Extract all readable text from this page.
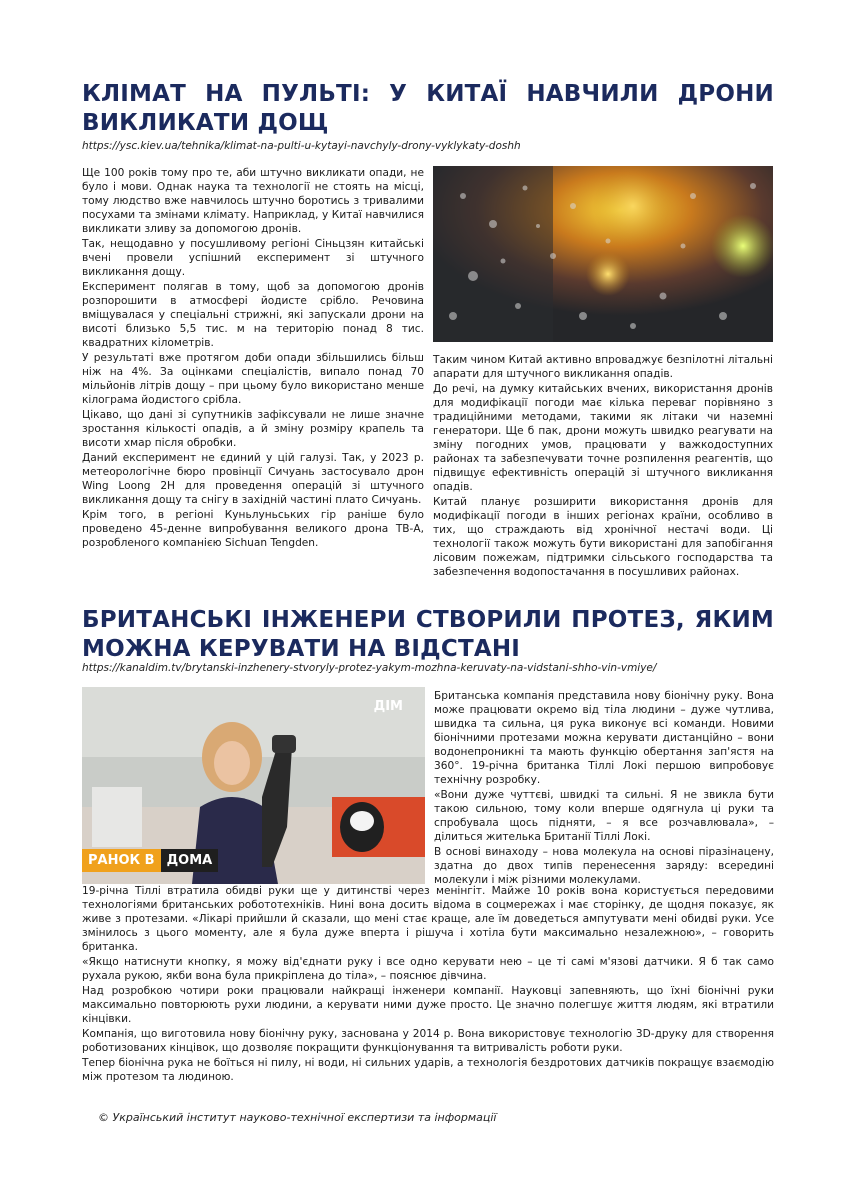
КЛІМАТ НА ПУЛЬТІ: У КИТАЇ НАВЧИЛИ ДРОНИ ВИКЛИКАТИ ДОЩ
https://ysc.kiev.ua/tehnika/klimat-na-pulti-u-kytayi-navchyly-drony-vyklykaty-doshh

Ще 100 років тому про те, аби штучно викликати опади, не було і мови. Однак наука та технології не стоять на місці, тому людство вже навчилось штучно боротись з тривалими посухами та змінами клімату. Наприклад, у Китаї навчилися викликати зливу за допомогою дронів.

Так, нещодавно у посушливому регіоні Сіньцзян китайські вчені провели успішний експеримент зі штучного викликання дощу.

Експеримент полягав в тому, щоб за допомогою дронів розпорошити в атмосфері йодисте срібло. Речовина вміщувалася у спеціальні стрижні, які запускали дрони на висоті близько 5,5 тис. м на територію понад 8 тис. квадратних кілометрів.

У результаті вже протягом доби опади збільшились більш ніж на 4%. За оцінками спеціалістів, випало понад 70 мільйонів літрів дощу – при цьому було використано менше кілограма йодистого срібла.

Цікаво, що дані зі супутників зафіксували не лише значне зростання кількості опадів, а й зміну розміру крапель та висоти хмар після обробки.

Даний експеримент не єдиний у цій галузі. Так, у 2023 р. метеорологічне бюро провінції Сичуань застосувало дрон Wing Loong 2H для проведення операцій зі штучного викликання дощу та снігу в західній частині плато Сичуань.

Крім того, в регіоні Куньлуньських гір раніше було проведено 45-денне випробування великого дрона ТВ-А, розробленого компанією Sichuan Tengden.

Таким чином Китай активно впроваджує безпілотні літальні апарати для штучного викликання опадів.

До речі, на думку китайських вчених, використання дронів для модифікації погоди має кілька переваг порівняно з традиційними методами, такими як літаки чи наземні генератори. Ще б пак, дрони можуть швидко реагувати на зміну погодних умов, працювати у важкодоступних районах та забезпечувати точне розпилення реагентів, що підвищує ефективність операцій зі штучного викликання опадів.

Китай планує розширити використання дронів для модифікації погоди в інших регіонах країни, особливо в тих, що страждають від хронічної нестачі води. Ці технології також можуть бути використані для запобігання лісовим пожежам, підтримки сільського господарства та забезпечення водопостачання в посушливих районах.

БРИТАНСЬКІ ІНЖЕНЕРИ СТВОРИЛИ ПРОТЕЗ, ЯКИМ МОЖНА КЕРУВАТИ НА ВІДСТАНІ
https://kanaldim.tv/brytanski-inzhenery-stvoryly-protez-yakym-mozhna-keruvaty-na-vidstani-shho-vin-vmiye/
ДІМ
РАНОК В ДОМА

Британська компанія представила нову біонічну руку. Вона може працювати окремо від тіла людини – дуже чутлива, швидка та сильна, ця рука виконує всі команди. Новими біонічними протезами можна керувати дистанційно – вони водонепроникні та мають функцію обертання зап'ястя на 360°. 19-річна британка Тіллі Локі першою випробовує технічну розробку.

«Вони дуже чуттєві, швидкі та сильні. Я не звикла бути такою сильною, тому коли вперше одягнула ці руки та спробувала щось підняти, – я все розчавлювала», – ділиться жителька Британії Тіллі Локі.

В основі винаходу – нова молекула на основі піразінацену, здатна до двох типів перенесення заряду: всередині молекули і між різними молекулами.

19-річна Тіллі втратила обидві руки ще у дитинстві через менінгіт. Майже 10 років вона користується передовими технологіями британських робототехніків. Нині вона досить відома в соцмережах і має сторінку, де щодня показує, як живе з протезами. «Лікарі прийшли й сказали, що мені стає краще, але їм доведеться ампутувати мені обидві руки. Усе змінилось з цього моменту, але я була дуже вперта і рішуча і хотіла бути максимально незалежною», – говорить британка.

«Якщо натиснути кнопку, я можу від'єднати руку і все одно керувати нею – це ті самі м'язові датчики. Я б так само рухала рукою, якби вона була прикріплена до тіла», – пояснює дівчина.

Над розробкою чотири роки працювали найкращі інженери компанії. Науковці запевняють, що їхні біонічні руки максимально повторюють рухи людини, а керувати ними дуже просто. Це значно полегшує життя людям, які втратили кінцівки.

Компанія, що виготовила нову біонічну руку, заснована у 2014 р. Вона використовує технологію 3D-друку для створення роботизованих кінцівок, що дозволяє покращити функціонування та витривалість роботи руки.

Тепер біонічна рука не боїться ні пилу, ні води, ні сильних ударів, а технологія бездротових датчиків покращує взаємодію між протезом та людиною.

© Український інститут науково-технічної експертизи та інформації
